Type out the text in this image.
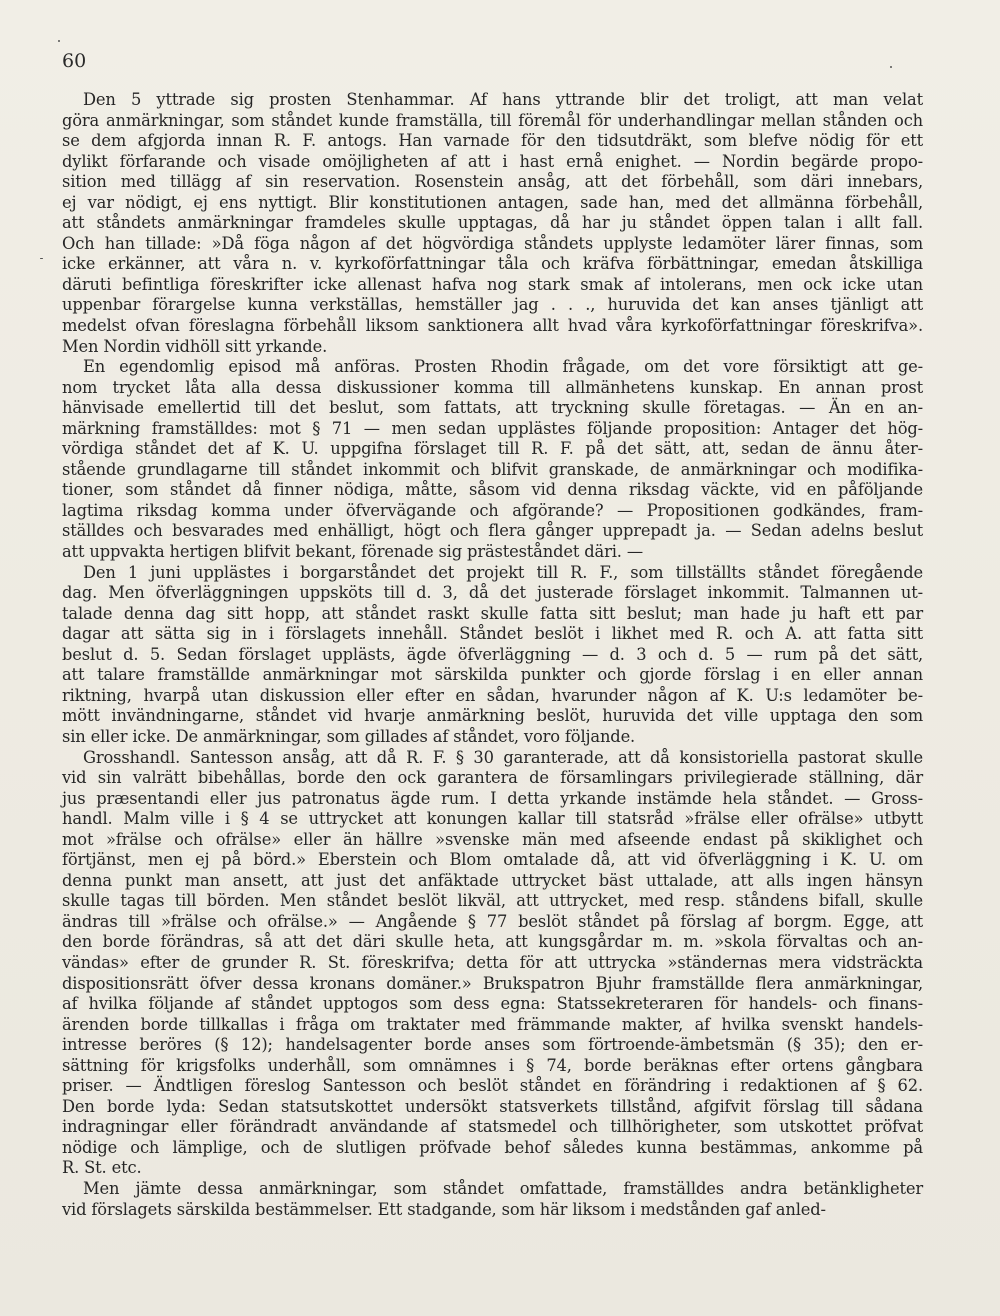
60
Den 5 yttrade sig prosten Stenhammar. Af hans yttrande blir det troligt, att man velat
göra anmärkningar, som ståndet kunde framställa, till föremål för underhandlingar mellan stånden och
se dem afgjorda innan R. F. antogs. Han varnade för den tidsutdräkt, som blefve nödig för ett
dylikt förfarande och visade omöjligheten af att i hast ernå enighet. — Nordin begärde propo-
sition med tillägg af sin reservation. Rosenstein ansåg, att det förbehåll, som däri innebars,
ej var nödigt, ej ens nyttigt. Blir konstitutionen antagen, sade han, med det allmänna förbehåll,
att ståndets anmärkningar framdeles skulle upptagas, då har ju ståndet öppen talan i allt fall.
Och han tillade: »Då föga någon af det högvördiga ståndets upplyste ledamöter lärer finnas, som
icke erkänner, att våra n. v. kyrkoförfattningar tåla och kräfva förbättningar, emedan åtskilliga
däruti befintliga föreskrifter icke allenast hafva nog stark smak af intolerans, men ock icke utan
uppenbar förargelse kunna verkställas, hemställer jag . . ., huruvida det kan anses tjänligt att
medelst ofvan föreslagna förbehåll liksom sanktionera allt hvad våra kyrkoförfattningar föreskrifva».
Men Nordin vidhöll sitt yrkande.
En egendomlig episod må anföras. Prosten Rhodin frågade, om det vore försiktigt att ge-
nom trycket låta alla dessa diskussioner komma till allmänhetens kunskap. En annan prost
hänvisade emellertid till det beslut, som fattats, att tryckning skulle företagas. — Än en an-
märkning framställdes: mot § 71 — men sedan upplästes följande proposition: Antager det hög-
vördiga ståndet det af K. U. uppgifna förslaget till R. F. på det sätt, att, sedan de ännu åter-
stående grundlagarne till ståndet inkommit och blifvit granskade, de anmärkningar och modifika-
tioner, som ståndet då finner nödiga, måtte, såsom vid denna riksdag väckte, vid en påföljande
lagtima riksdag komma under öfvervägande och afgörande? — Propositionen godkändes, fram-
ställdes och besvarades med enhälligt, högt och flera gånger upprepadt ja. — Sedan adelns beslut
att uppvakta hertigen blifvit bekant, förenade sig prästeståndet däri. —
Den 1 juni upplästes i borgarståndet det projekt till R. F., som tillställts ståndet föregående
dag. Men öfverläggningen uppsköts till d. 3, då det justerade förslaget inkommit. Talmannen ut-
talade denna dag sitt hopp, att ståndet raskt skulle fatta sitt beslut; man hade ju haft ett par
dagar att sätta sig in i förslagets innehåll. Ståndet beslöt i likhet med R. och A. att fatta sitt
beslut d. 5. Sedan förslaget upplästs, ägde öfverläggning — d. 3 och d. 5 — rum på det sätt,
att talare framställde anmärkningar mot särskilda punkter och gjorde förslag i en eller annan
riktning, hvarpå utan diskussion eller efter en sådan, hvarunder någon af K. U:s ledamöter be-
mött invändningarne, ståndet vid hvarje anmärkning beslöt, huruvida det ville upptaga den som
sin eller icke. De anmärkningar, som gillades af ståndet, voro följande.
Grosshandl. Santesson ansåg, att då R. F. § 30 garanterade, att då konsistoriella pastorat skulle
vid sin valrätt bibehållas, borde den ock garantera de församlingars privilegierade ställning, där
jus præsentandi eller jus patronatus ägde rum. I detta yrkande instämde hela ståndet. — Gross-
handl. Malm ville i § 4 se uttrycket att konungen kallar till statsråd »frälse eller ofrälse» utbytt
mot »frälse och ofrälse» eller än hällre »svenske män med afseende endast på skiklighet och
förtjänst, men ej på börd.» Eberstein och Blom omtalade då, att vid öfverläggning i K. U. om
denna punkt man ansett, att just det anfäktade uttrycket bäst uttalade, att alls ingen hänsyn
skulle tagas till börden. Men ståndet beslöt likväl, att uttrycket, med resp. ståndens bifall, skulle
ändras till »frälse och ofrälse.» — Angående § 77 beslöt ståndet på förslag af borgm. Egge, att
den borde förändras, så att det däri skulle heta, att kungsgårdar m. m. »skola förvaltas och an-
vändas» efter de grunder R. St. föreskrifva; detta för att uttrycka »ständernas mera vidsträckta
dispositionsrätt öfver dessa kronans domäner.» Brukspatron Bjuhr framställde flera anmärkningar,
af hvilka följande af ståndet upptogos som dess egna: Statssekreteraren för handels- och finans-
ärenden borde tillkallas i fråga om traktater med främmande makter, af hvilka svenskt handels-
intresse beröres (§ 12); handelsagenter borde anses som förtroende-ämbetsmän (§ 35); den er-
sättning för krigsfolks underhåll, som omnämnes i § 74, borde beräknas efter ortens gångbara
priser. — Ändtligen föreslog Santesson och beslöt ståndet en förändring i redaktionen af § 62.
Den borde lyda: Sedan statsutskottet undersökt statsverkets tillstånd, afgifvit förslag till sådana
indragningar eller förändradt användande af statsmedel och tillhörigheter, som utskottet pröfvat
nödige och lämplige, och de slutligen pröfvade behof således kunna bestämmas, ankomme på
R. St. etc.
Men jämte dessa anmärkningar, som ståndet omfattade, framställdes andra betänkligheter
vid förslagets särskilda bestämmelser. Ett stadgande, som här liksom i medstånden gaf anled-
